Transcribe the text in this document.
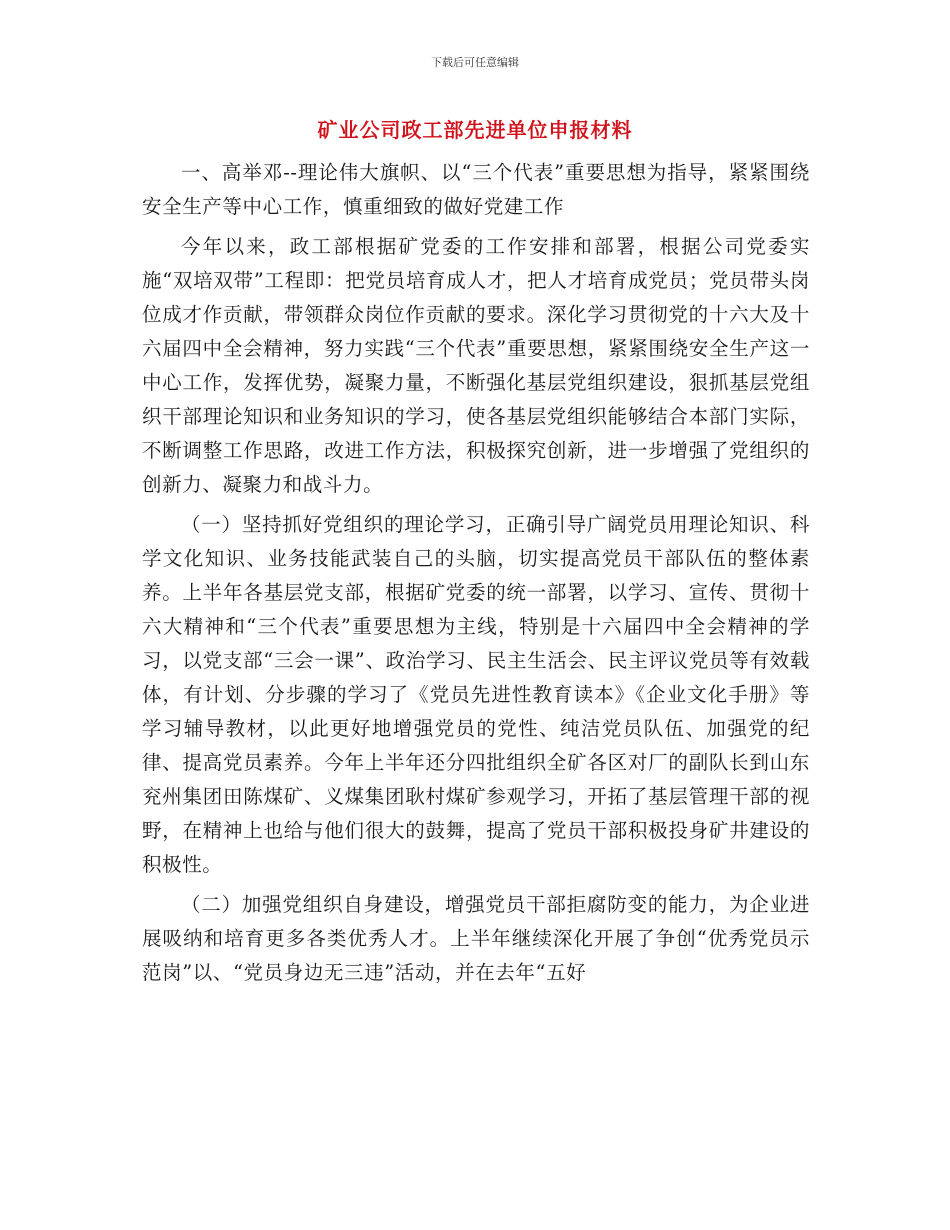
下载后可任意编辑
矿业公司政工部先进单位申报材料

一、高举邓--理论伟大旗帜、以“三个代表”重要思想为指导，紧紧围绕安全生产等中心工作，慎重细致的做好党建工作

今年以来，政工部根据矿党委的工作安排和部署，根据公司党委实施“双培双带”工程即：把党员培育成人才，把人才培育成党员；党员带头岗位成才作贡献，带领群众岗位作贡献的要求。深化学习贯彻党的十六大及十六届四中全会精神，努力实践“三个代表”重要思想，紧紧围绕安全生产这一中心工作，发挥优势，凝聚力量，不断强化基层党组织建设，狠抓基层党组织干部理论知识和业务知识的学习，使各基层党组织能够结合本部门实际，不断调整工作思路，改进工作方法，积极探究创新，进一步增强了党组织的创新力、凝聚力和战斗力。

（一）坚持抓好党组织的理论学习，正确引导广阔党员用理论知识、科学文化知识、业务技能武装自己的头脑，切实提高党员干部队伍的整体素养。上半年各基层党支部，根据矿党委的统一部署，以学习、宣传、贯彻十六大精神和“三个代表”重要思想为主线，特别是十六届四中全会精神的学习，以党支部“三会一课”、政治学习、民主生活会、民主评议党员等有效载体，有计划、分步骤的学习了《党员先进性教育读本》《企业文化手册》等学习辅导教材，以此更好地增强党员的党性、纯洁党员队伍、加强党的纪律、提高党员素养。今年上半年还分四批组织全矿各区对厂的副队长到山东兖州集团田陈煤矿、义煤集团耿村煤矿参观学习，开拓了基层管理干部的视野，在精神上也给与他们很大的鼓舞，提高了党员干部积极投身矿井建设的积极性。

（二）加强党组织自身建设，增强党员干部拒腐防变的能力，为企业进展吸纳和培育更多各类优秀人才。上半年继续深化开展了争创“优秀党员示范岗”以、“党员身边无三违”活动，并在去年“五好
